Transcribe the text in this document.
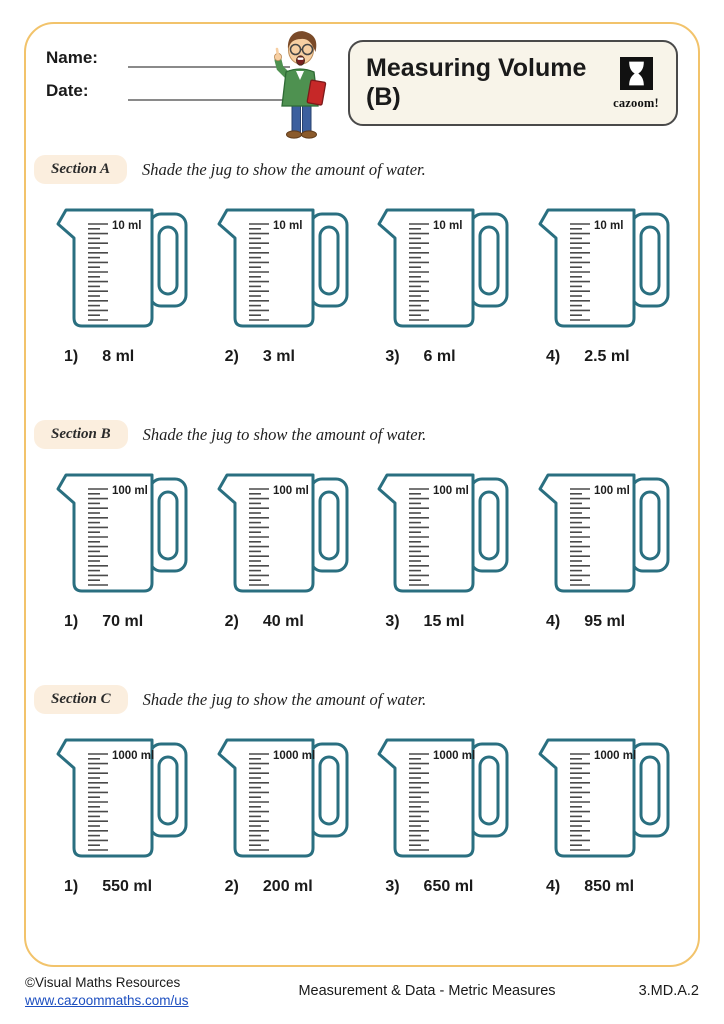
Name:
Date:
Measuring Volume (B)	cazoom!
Section A	Shade the jug to show the amount of water.
10 ml
1) 8 ml
10 ml
2) 3 ml
10 ml
3) 6 ml
10 ml
4) 2.5 ml
Section B	Shade the jug to show the amount of water.
100 ml
1) 70 ml
100 ml
2) 40 ml
100 ml
3) 15 ml
100 ml
4) 95 ml
Section C	Shade the jug to show the amount of water.
1000 ml
1) 550 ml
1000 ml
2) 200 ml
1000 ml
3) 650 ml
1000 ml
4) 850 ml
©Visual Maths Resources
www.cazoommaths.com/us
Measurement & Data - Metric Measures	3.MD.A.2
